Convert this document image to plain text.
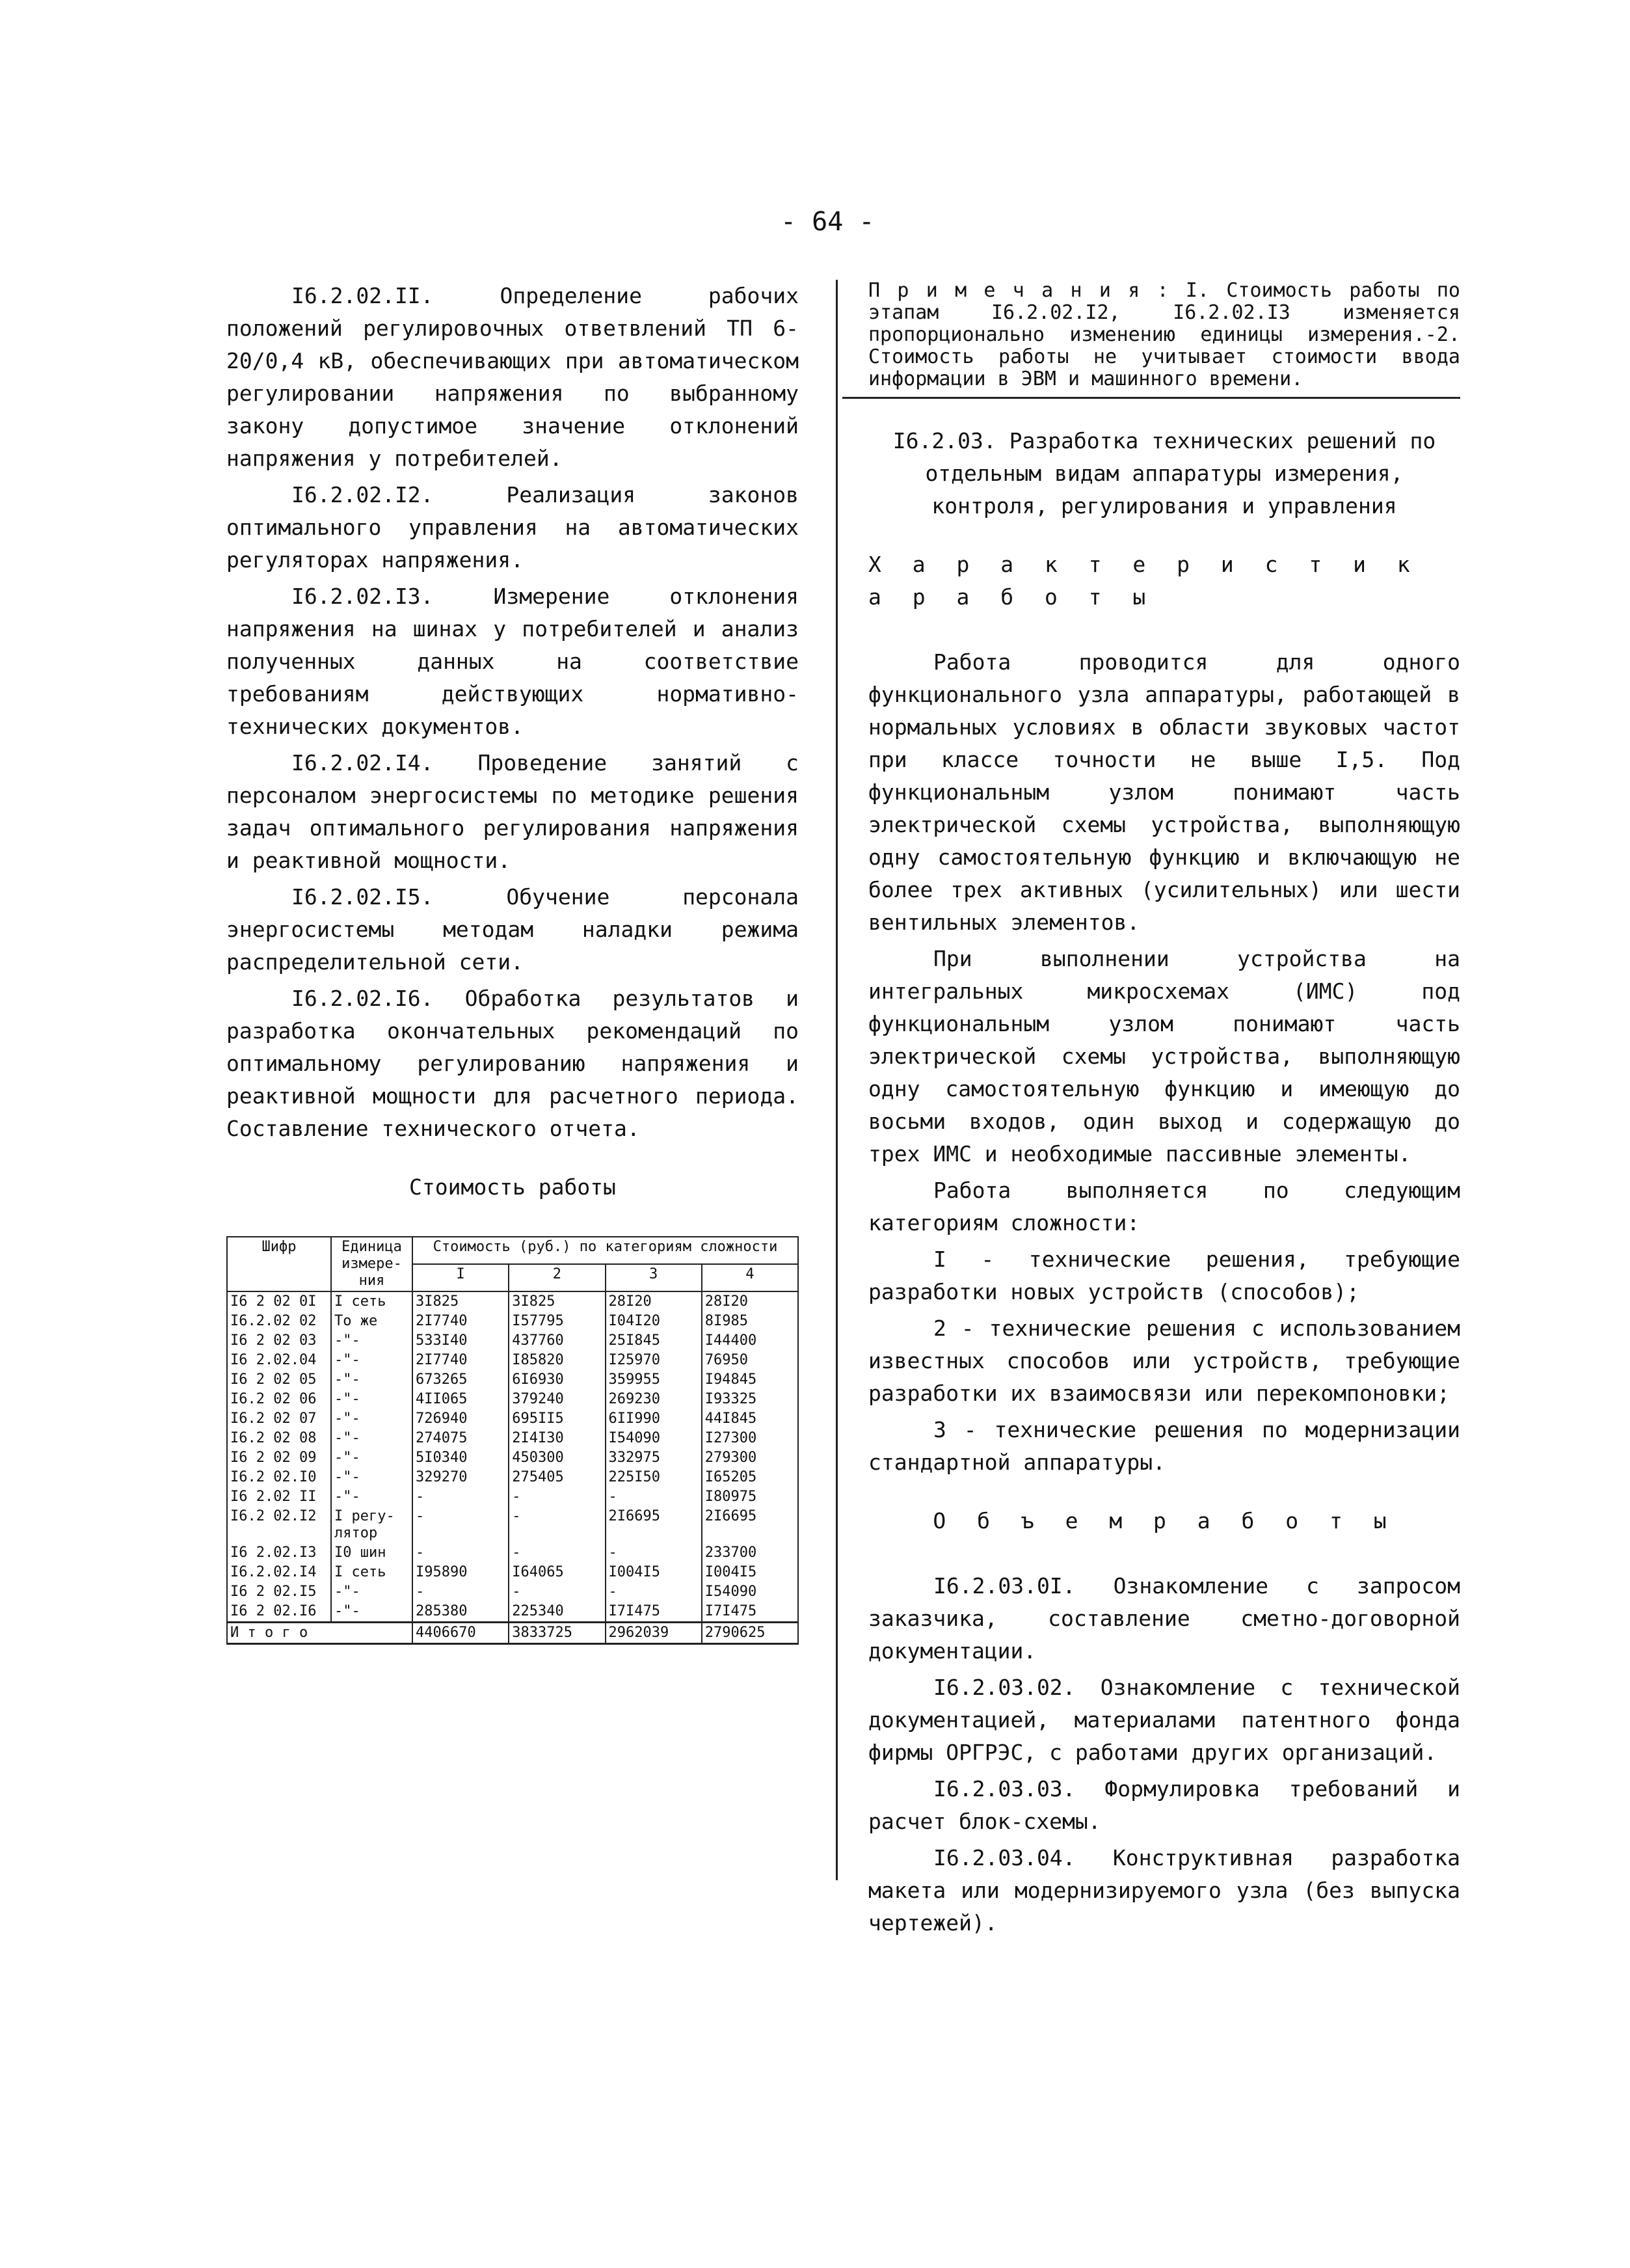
- 64 -

I6.2.02.II. Определение рабочих положений регулировочных ответвлений ТП 6-20/0,4 кВ, обеспечивающих при автоматическом регулировании напряжения по выбранному закону допустимое значение отклонений напряжения у потребителей.

I6.2.02.I2. Реализация законов оптимального управления на автоматических регуляторах напряжения.

I6.2.02.I3. Измерение отклонения напряжения на шинах у потребителей и анализ полученных данных на соответствие требованиям действующих нормативно-технических документов.

I6.2.02.I4. Проведение занятий с персоналом энергосистемы по методике решения задач оптимального регулирования напряжения и реактивной мощности.

I6.2.02.I5. Обучение персонала энергосистемы методам наладки режима распределительной сети.

I6.2.02.I6. Обработка результатов и разработка окончательных рекомендаций по оптимальному регулированию напряжения и реактивной мощности для расчетного периода. Составление технического отчета.

Стоимость работы

Шифр	Единица измере-ния	Стоимость (руб.) по категориям сложности			
		I	2	3	4
I6 2 02 0I	I сеть	3I825	3I825	28I20	28I20
I6.2.02 02	То же	2I7740	I57795	I04I20	8I985
I6 2 02 03	-"-	533I40	437760	25I845	I44400
I6 2.02.04	-"-	2I7740	I85820	I25970	76950
I6 2 02 05	-"-	673265	6I6930	359955	I94845
I6.2 02 06	-"-	4II065	379240	269230	I93325
I6.2 02 07	-"-	726940	695II5	6II990	44I845
I6.2 02 08	-"-	274075	2I4I30	I54090	I27300
I6 2 02 09	-"-	5I0340	450300	332975	279300
I6.2 02.I0	-"-	329270	275405	225I50	I65205
I6 2.02 II	-"-	-	-	-	I80975
I6.2 02.I2	I регу-лятор	-	-	2I6695	2I6695
I6 2.02.I3	I0 шин	-	-	-	233700
I6.2.02.I4	I сеть	I95890	I64065	I004I5	I004I5
I6 2 02.I5	-"-	-	-	-	I54090
I6 2 02.I6	-"-	285380	225340	I7I475	I7I475
И т о г о		4406670	3833725	2962039	2790625

П р и м е ч а н и я : I. Стоимость работы по этапам I6.2.02.I2, I6.2.02.I3 изменяется пропорционально изменению единицы измерения.-2. Стоимость работы не учитывает стоимости ввода информации в ЭВМ и машинного времени.

I6.2.03. Разработка технических решений по отдельным видам аппаратуры измерения, контроля, регулирования и управления

Х а р а к т е р и с т и к а р а б о т ы

Работа проводится для одного функционального узла аппаратуры, работающей в нормальных условиях в области звуковых частот при классе точности не выше I,5. Под функциональным узлом понимают часть электрической схемы устройства, выполняющую одну самостоятельную функцию и включающую не более трех активных (усилительных) или шести вентильных элементов.

При выполнении устройства на интегральных микросхемах (ИМС) под функциональным узлом понимают часть электрической схемы устройства, выполняющую одну самостоятельную функцию и имеющую до восьми входов, один выход и содержащую до трех ИМС и необходимые пассивные элементы.

Работа выполняется по следующим категориям сложности:

I - технические решения, требующие разработки новых устройств (способов);

2 - технические решения с использованием известных способов или устройств, требующие разработки их взаимосвязи или перекомпоновки;

3 - технические решения по модернизации стандартной аппаратуры.

О б ъ е м р а б о т ы

I6.2.03.0I. Ознакомление с запросом заказчика, составление сметно-договорной документации.

I6.2.03.02. Ознакомление с технической документацией, материалами патентного фонда фирмы ОРГРЭС, с работами других организаций.

I6.2.03.03. Формулировка требований и расчет блок-схемы.

I6.2.03.04. Конструктивная разработка макета или модернизируемого узла (без выпуска чертежей).
